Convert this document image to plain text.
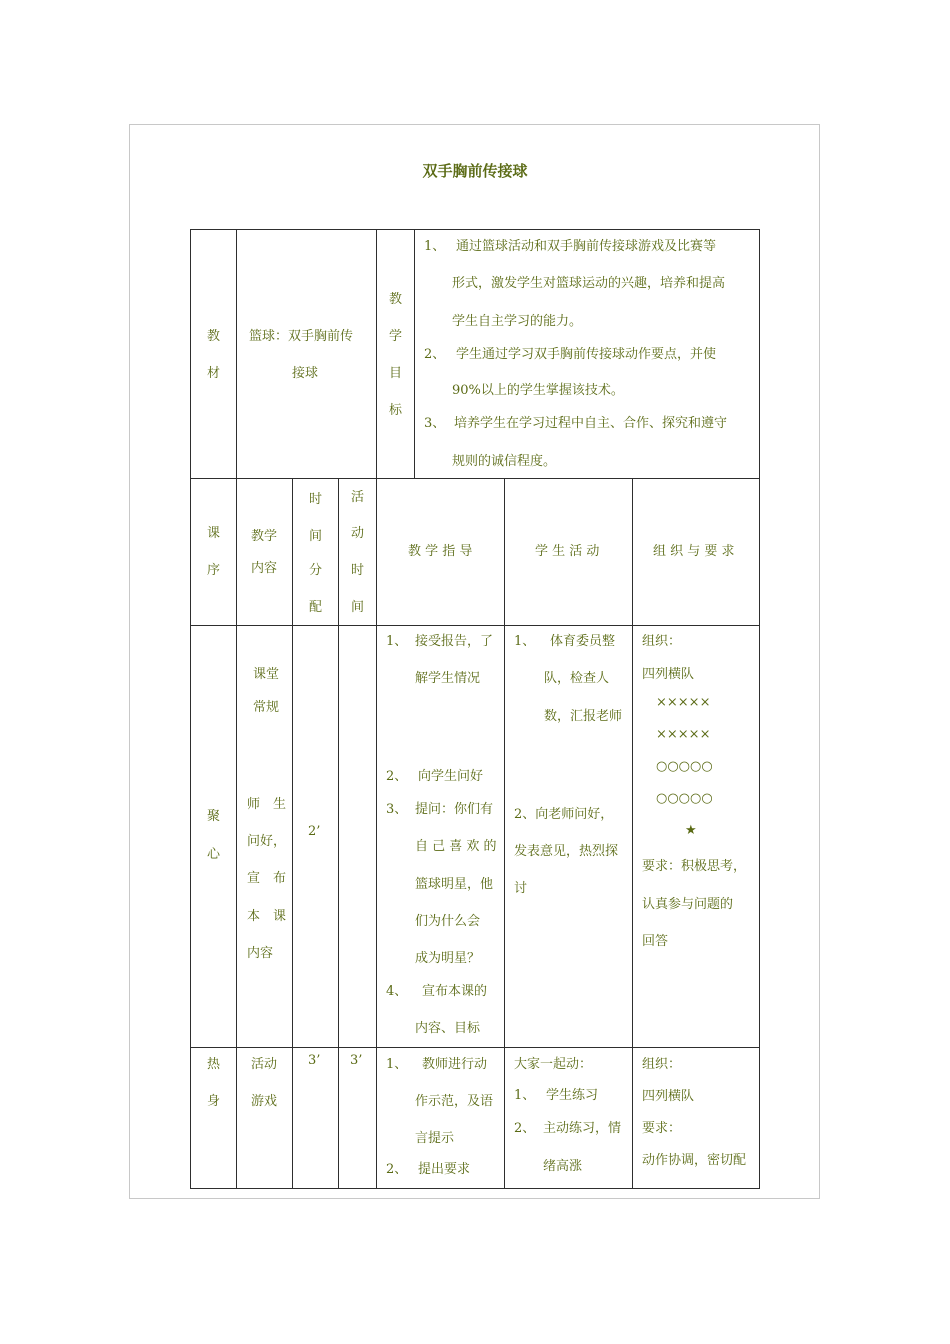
双手胸前传接球
教
材
篮球：双手胸前传
接球
教
学
目
标
1、 通过篮球活动和双手胸前传接球游戏及比赛等
形式，激发学生对篮球运动的兴趣，培养和提高
学生自主学习的能力。
2、 学生通过学习双手胸前传接球动作要点，并使
90%以上的学生掌握该技术。
3、 培养学生在学习过程中自主、合作、探究和遵守
规则的诚信程度。
课
序
教学
内容
时
间
分
配
活
动
时
间
教 学 指 导	学 生 活 动	组 织 与 要 求
聚
心
课堂
常规
师　生
问好，
宣　布
本　课
内容
2’
1、 接受报告，了
解学生情况
2、 向学生问好
3、 提问：你们有
自 己 喜 欢 的
篮球明星，他
们为什么会
成为明星？
4、 宣布本课的
内容、目标
1、 体育委员整
队，检查人
数，汇报老师
2、向老师问好，
发表意见，热烈探
讨
组织：
四列横队
×××××
×××××
○○○○○
○○○○○
★
要求：积极思考，
认真参与问题的
回答
热
身
活动
游戏
3’ 3’ 1、 教师进行动
作示范，及语
言提示
2、 提出要求
大家一起动：
1、 学生练习
2、 主动练习，情
绪高涨
组织：
四列横队
要求：
动作协调，密切配
